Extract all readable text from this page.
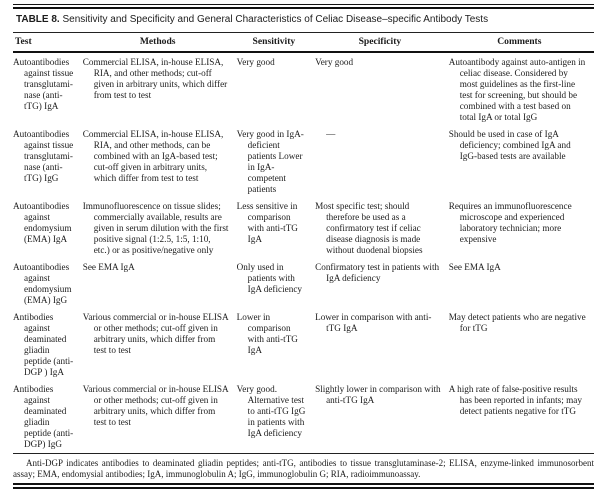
TABLE 8. Sensitivity and Specificity and General Characteristics of Celiac Disease–specific Antibody Tests
Test	Methods	Sensitivity	Specificity	Comments

Autoantibodies against tissue transglutami-nase (anti-tTG) IgA	Commercial ELISA, in-house ELISA, RIA, and other methods; cut-off given in arbitrary units, which differ from test to test	Very good	Very good	Autoantibody against auto-antigen in celiac disease. Considered by most guidelines as the first-line test for screening, but should be combined with a test based on total IgA or total IgG

Autoantibodies against tissue transglutami-nase (anti-tTG) IgG	Commercial ELISA, in-house ELISA, RIA, and other methods, can be combined with an IgA-based test; cut-off given in arbitrary units, which differ from test to test	Very good in IgA-deficient patients Lower in IgA-competent patients	—	Should be used in case of IgA deficiency; combined IgA and IgG-based tests are available

Autoantibodies against endomysium (EMA) IgA	Immunofluorescence on tissue slides; commercially available, results are given in serum dilution with the first positive signal (1:2.5, 1:5, 1:10, etc.) or as positive/negative only	Less sensitive in comparison with anti-tTG IgA	Most specific test; should therefore be used as a confirmatory test if celiac disease diagnosis is made without duodenal biopsies	Requires an immunofluorescence microscope and experienced laboratory technician; more expensive

Autoantibodies against endomysium (EMA) IgG	See EMA IgA	Only used in patients with IgA deficiency	Confirmatory test in patients with IgA deficiency	See EMA IgA

Antibodies against deaminated gliadin peptide (anti-DGP ) IgA	Various commercial or in-house ELISA or other methods; cut-off given in arbitrary units, which differ from test to test	Lower in comparison with anti-tTG IgA	Lower in comparison with anti-tTG IgA	May detect patients who are negative for tTG

Antibodies against deaminated gliadin peptide (anti-DGP) IgG	Various commercial or in-house ELISA or other methods; cut-off given in arbitrary units, which differ from test to test	Very good. Alternative test to anti-tTG IgG in patients with IgA deficiency	Slightly lower in comparison with anti-tTG IgA	A high rate of false-positive results has been reported in infants; may detect patients negative for tTG

Anti-DGP indicates antibodies to deaminated gliadin peptides; anti-tTG, antibodies to tissue transglutaminase-2; ELISA, enzyme-linked immunosorbent assay; EMA, endomysial antibodies; IgA, immunoglobulin A; IgG, immunoglobulin G; RIA, radioimmunoassay.
